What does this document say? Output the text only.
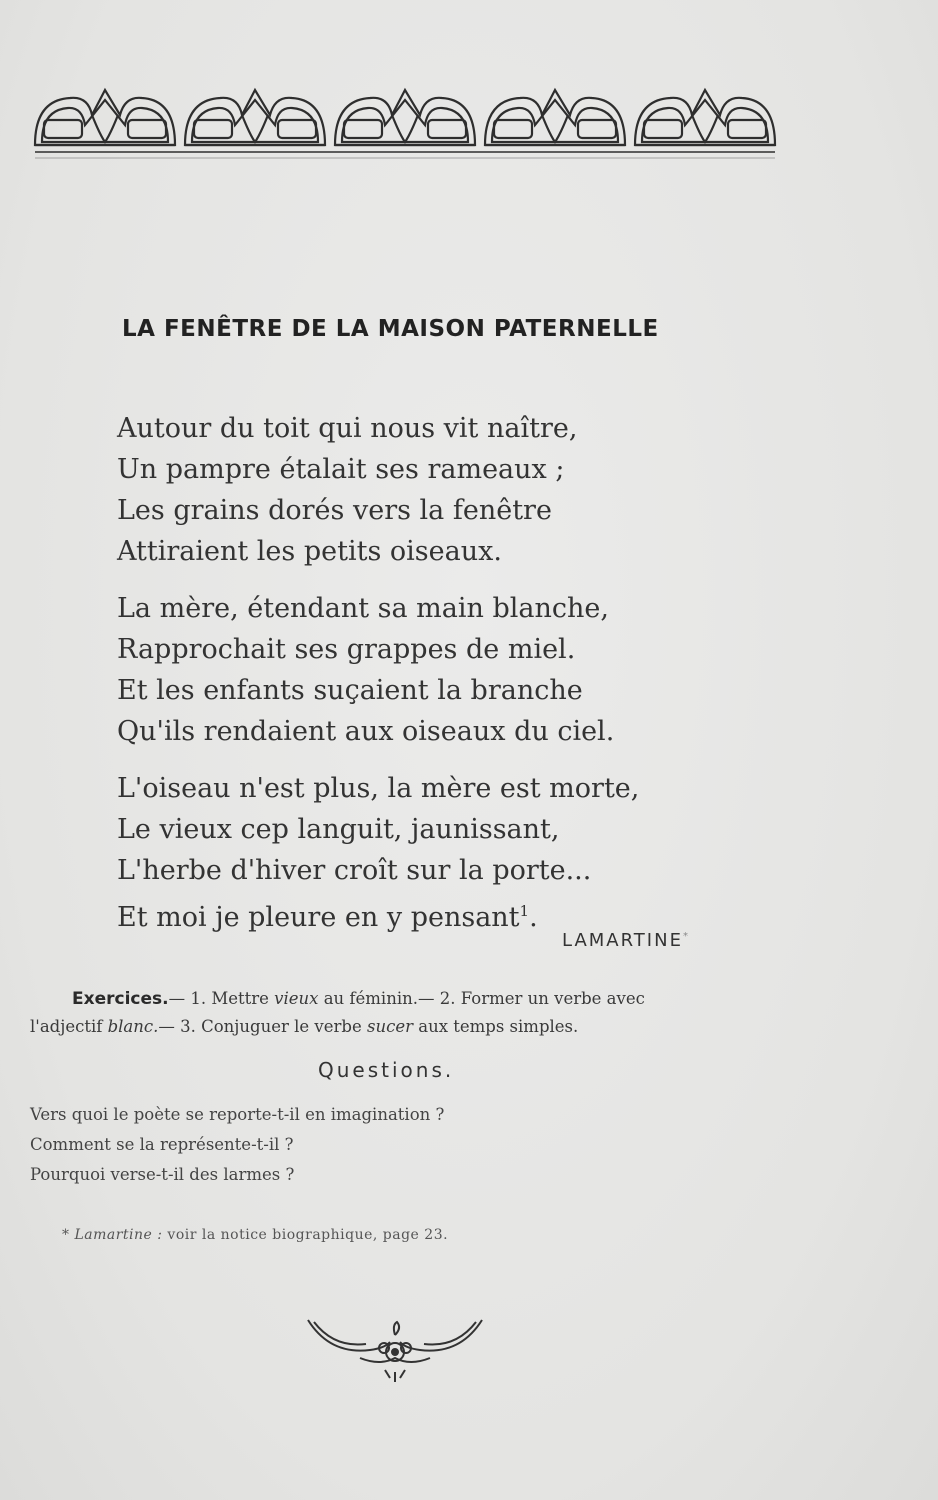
LA FENÊTRE DE LA MAISON PATERNELLE
Autour du toit qui nous vit naître,
Un pampre étalait ses rameaux ;
Les grains dorés vers la fenêtre
Attiraient les petits oiseaux.
La mère, étendant sa main blanche,
Rapprochait ses grappes de miel.
Et les enfants suçaient la branche
Qu'ils rendaient aux oiseaux du ciel.
L'oiseau n'est plus, la mère est morte,
Le vieux cep languit, jaunissant,
L'herbe d'hiver croît sur la porte...
Et moi je pleure en y pensant$^1$.
LAMARTINE*
Exercices.— 1. Mettre vieux au féminin.— 2. Former un verbe avec
l'adjectif blanc.— 3. Conjuguer le verbe sucer aux temps simples.
Questions.
Vers quoi le poète se reporte-t-il en imagination ?
Comment se la représente-t-il ?
Pourquoi verse-t-il des larmes ?
* Lamartine : voir la notice biographique, page 23.
